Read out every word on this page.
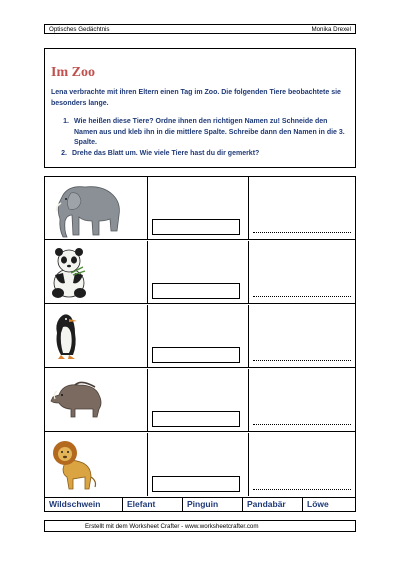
Optisches Gedächtnis	Monika Drexel
Im Zoo

Lena verbrachte mit ihren Eltern einen Tag im Zoo. Die folgenden Tiere beobachtete sie besonders lange.

1. Wie heißen diese Tiere? Ordne ihnen den richtigen Namen zu! Schneide den Namen aus und kleb ihn in die mittlere Spalte. Schreibe dann den Namen in die 3. Spalte.
2. Drehe das Blatt um. Wie viele Tiere hast du dir gemerkt?
Wildschwein	Elefant	Pinguin	Pandabär	Löwe
Erstellt mit dem Worksheet Crafter - www.worksheetcrafter.com
